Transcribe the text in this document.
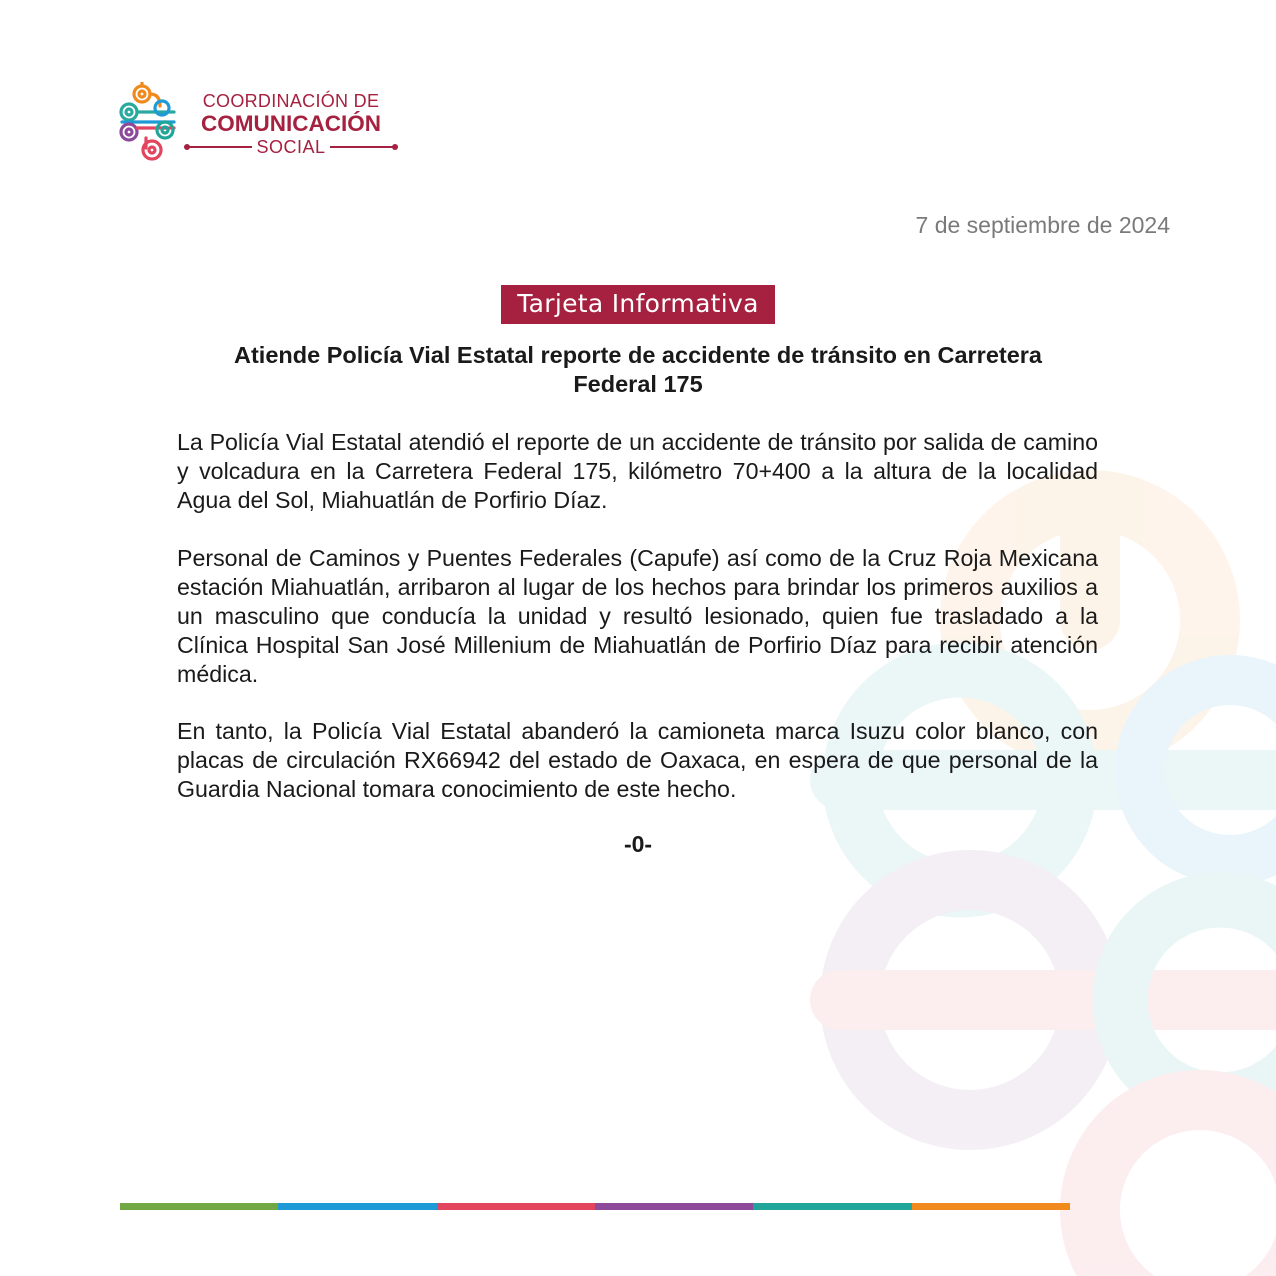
COORDINACIÓN DE
COMUNICACIÓN
SOCIAL
7 de septiembre de 2024
Tarjeta Informativa
Atiende Policía Vial Estatal reporte de accidente de tránsito en Carretera
Federal 175

La Policía Vial Estatal atendió el reporte de un accidente de tránsito por salida de camino y volcadura en la Carretera Federal 175, kilómetro 70+400 a la altura de la localidad Agua del Sol, Miahuatlán de Porfirio Díaz.

Personal de Caminos y Puentes Federales (Capufe) así como de la Cruz Roja Mexicana estación Miahuatlán, arribaron al lugar de los hechos para brindar los primeros auxilios a un masculino que conducía la unidad y resultó lesionado, quien fue trasladado a la Clínica Hospital San José Millenium de Miahuatlán de Porfirio Díaz para recibir atención médica.

En tanto, la Policía Vial Estatal abanderó la camioneta marca Isuzu color blanco, con placas de circulación RX66942 del estado de Oaxaca, en espera de que personal de la Guardia Nacional tomara conocimiento de este hecho.

-0-
